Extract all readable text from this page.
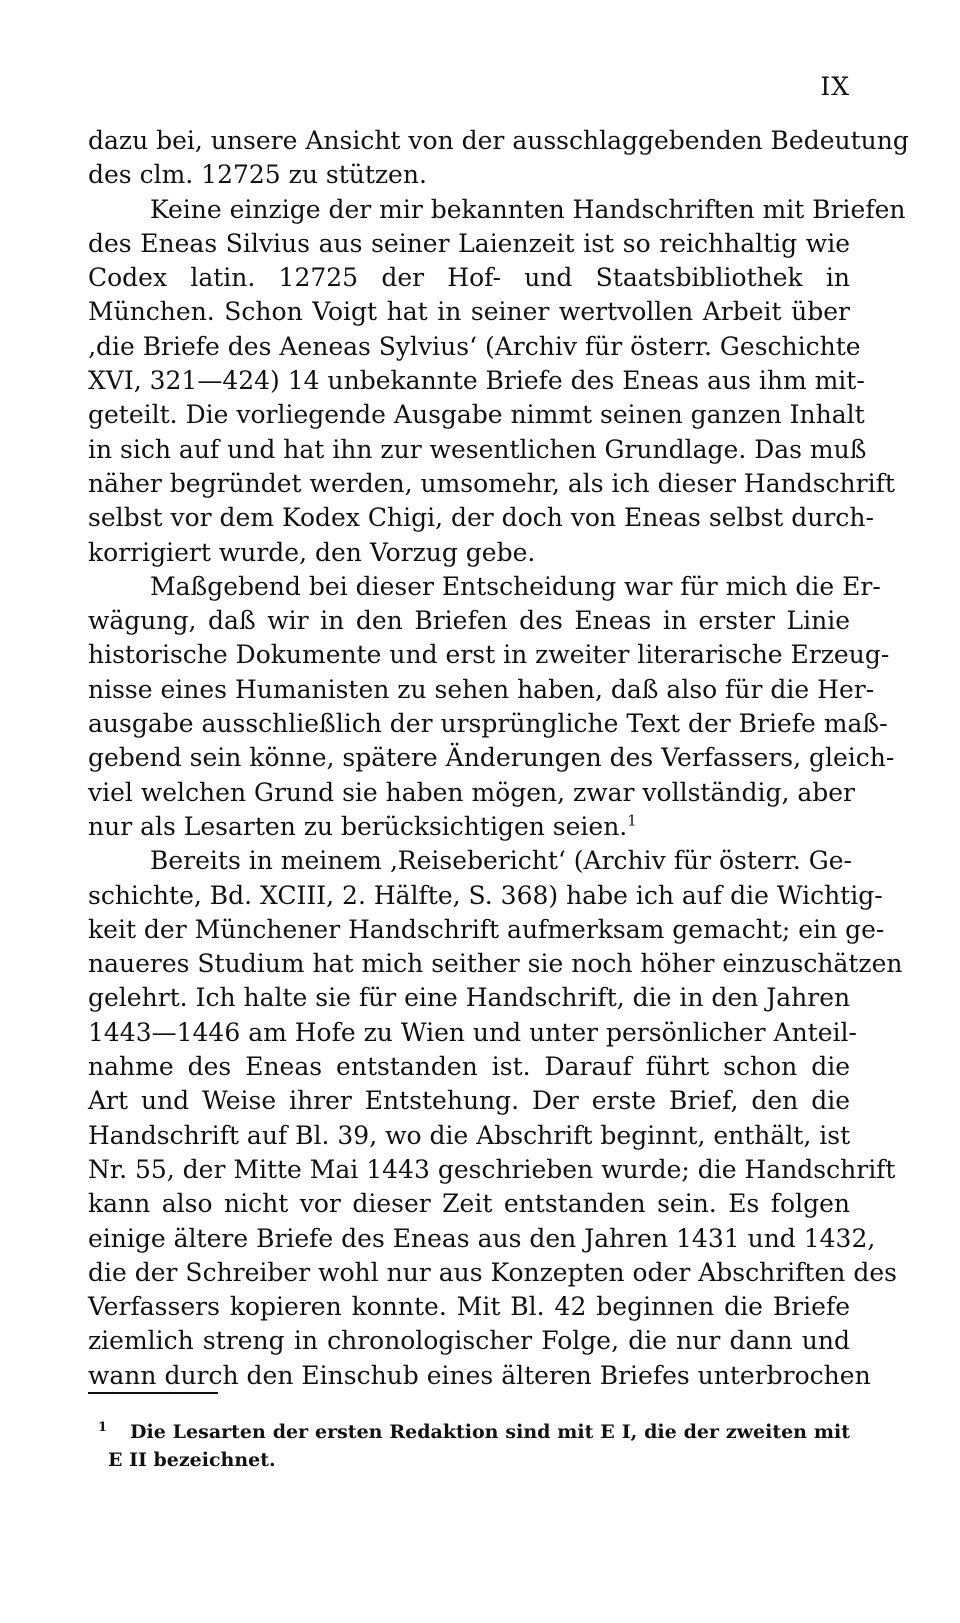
IX
dazu bei, unsere Ansicht von der ausschlaggebenden Bedeutung
des clm. 12725 zu stützen.
Keine einzige der mir bekannten Handschriften mit Briefen
des Eneas Silvius aus seiner Laienzeit ist so reichhaltig wie
Codex latin. 12725 der Hof- und Staatsbibliothek in
München. Schon Voigt hat in seiner wertvollen Arbeit über
‚die Briefe des Aeneas Sylvius‘ (Archiv für österr. Geschichte
XVI, 321—424) 14 unbekannte Briefe des Eneas aus ihm mit-
geteilt. Die vorliegende Ausgabe nimmt seinen ganzen Inhalt
in sich auf und hat ihn zur wesentlichen Grundlage. Das muß
näher begründet werden, umsomehr, als ich dieser Handschrift
selbst vor dem Kodex Chigi, der doch von Eneas selbst durch-
korrigiert wurde, den Vorzug gebe.
Maßgebend bei dieser Entscheidung war für mich die Er-
wägung, daß wir in den Briefen des Eneas in erster Linie
historische Dokumente und erst in zweiter literarische Erzeug-
nisse eines Humanisten zu sehen haben, daß also für die Her-
ausgabe ausschließlich der ursprüngliche Text der Briefe maß-
gebend sein könne, spätere Änderungen des Verfassers, gleich-
viel welchen Grund sie haben mögen, zwar vollständig, aber
nur als Lesarten zu berücksichtigen seien.$^1$
Bereits in meinem ‚Reisebericht‘ (Archiv für österr. Ge-
schichte, Bd. XCIII, 2. Hälfte, S. 368) habe ich auf die Wichtig-
keit der Münchener Handschrift aufmerksam gemacht; ein ge-
naueres Studium hat mich seither sie noch höher einzuschätzen
gelehrt. Ich halte sie für eine Handschrift, die in den Jahren
1443—1446 am Hofe zu Wien und unter persönlicher Anteil-
nahme des Eneas entstanden ist. Darauf führt schon die
Art und Weise ihrer Entstehung. Der erste Brief, den die
Handschrift auf Bl. 39, wo die Abschrift beginnt, enthält, ist
Nr. 55, der Mitte Mai 1443 geschrieben wurde; die Handschrift
kann also nicht vor dieser Zeit entstanden sein. Es folgen
einige ältere Briefe des Eneas aus den Jahren 1431 und 1432,
die der Schreiber wohl nur aus Konzepten oder Abschriften des
Verfassers kopieren konnte. Mit Bl. 42 beginnen die Briefe
ziemlich streng in chronologischer Folge, die nur dann und
wann durch den Einschub eines älteren Briefes unterbrochen
1	Die Lesarten der ersten Redaktion sind mit E I, die der zweiten mit
E II bezeichnet.
